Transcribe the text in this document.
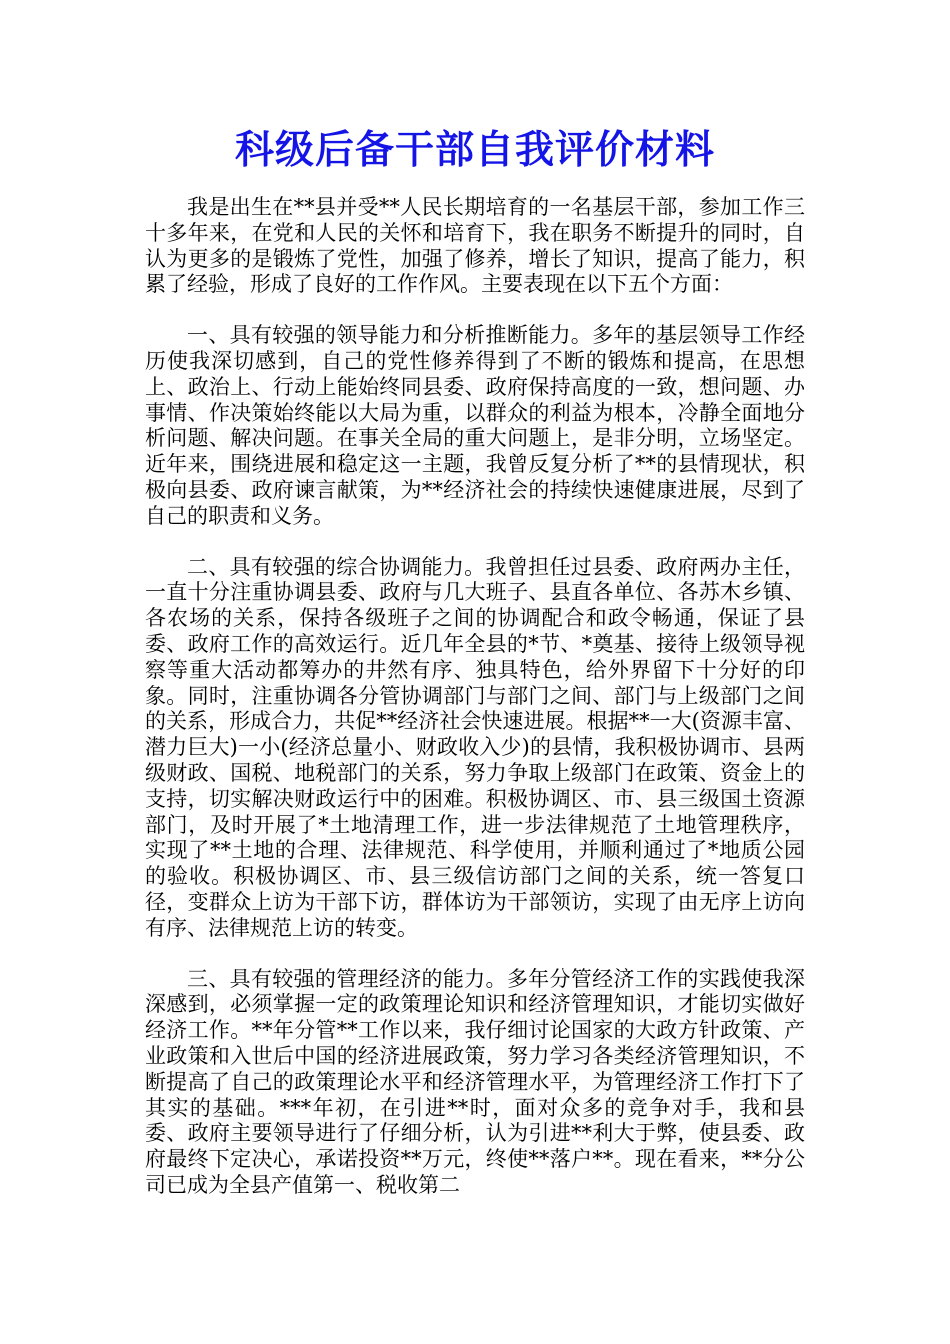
科级后备干部自我评价材料

我是出生在**县并受**人民长期培育的一名基层干部，参加工作三十多年来，在党和人民的关怀和培育下，我在职务不断提升的同时，自认为更多的是锻炼了党性，加强了修养，增长了知识，提高了能力，积累了经验，形成了良好的工作作风。主要表现在以下五个方面：

一、具有较强的领导能力和分析推断能力。多年的基层领导工作经历使我深切感到，自己的党性修养得到了不断的锻炼和提高，在思想上、政治上、行动上能始终同县委、政府保持高度的一致，想问题、办事情、作决策始终能以大局为重，以群众的利益为根本，冷静全面地分析问题、解决问题。在事关全局的重大问题上，是非分明，立场坚定。近年来，围绕进展和稳定这一主题，我曾反复分析了**的县情现状，积极向县委、政府谏言献策，为**经济社会的持续快速健康进展，尽到了自己的职责和义务。

二、具有较强的综合协调能力。我曾担任过县委、政府两办主任，一直十分注重协调县委、政府与几大班子、县直各单位、各苏木乡镇、各农场的关系，保持各级班子之间的协调配合和政令畅通，保证了县委、政府工作的高效运行。近几年全县的*节、*奠基、接待上级领导视察等重大活动都筹办的井然有序、独具特色，给外界留下十分好的印象。同时，注重协调各分管协调部门与部门之间、部门与上级部门之间的关系，形成合力，共促**经济社会快速进展。根据**一大(资源丰富、潜力巨大)一小(经济总量小、财政收入少)的县情，我积极协调市、县两级财政、国税、地税部门的关系，努力争取上级部门在政策、资金上的支持，切实解决财政运行中的困难。积极协调区、市、县三级国土资源部门，及时开展了*土地清理工作，进一步法律规范了土地管理秩序，实现了**土地的合理、法律规范、科学使用，并顺利通过了*地质公园的验收。积极协调区、市、县三级信访部门之间的关系，统一答复口径，变群众上访为干部下访，群体访为干部领访，实现了由无序上访向有序、法律规范上访的转变。

三、具有较强的管理经济的能力。多年分管经济工作的实践使我深深感到，必须掌握一定的政策理论知识和经济管理知识，才能切实做好经济工作。**年分管**工作以来，我仔细讨论国家的大政方针政策、产业政策和入世后中国的经济进展政策，努力学习各类经济管理知识，不断提高了自己的政策理论水平和经济管理水平，为管理经济工作打下了其实的基础。***年初，在引进**时，面对众多的竞争对手，我和县委、政府主要领导进行了仔细分析，认为引进**利大于弊，使县委、政府最终下定决心，承诺投资**万元，终使**落户**。现在看来，**分公司已成为全县产值第一、税收第二
